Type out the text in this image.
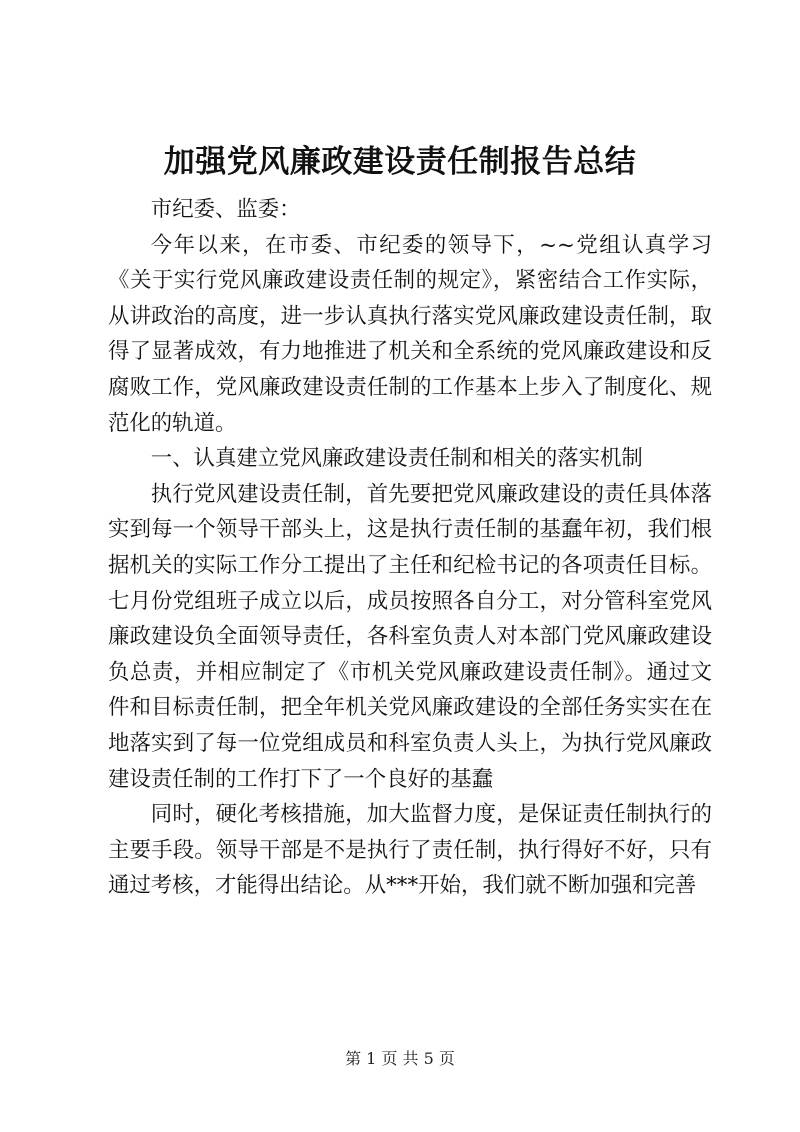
加强党风廉政建设责任制报告总结

市纪委、监委：

今年以来，在市委、市纪委的领导下，~~党组认真学习《关于实行党风廉政建设责任制的规定》，紧密结合工作实际，从讲政治的高度，进一步认真执行落实党风廉政建设责任制，取得了显著成效，有力地推进了机关和全系统的党风廉政建设和反腐败工作，党风廉政建设责任制的工作基本上步入了制度化、规范化的轨道。

一、认真建立党风廉政建设责任制和相关的落实机制

执行党风建设责任制，首先要把党风廉政建设的责任具体落实到每一个领导干部头上，这是执行责任制的基蠢年初，我们根据机关的实际工作分工提出了主任和纪检书记的各项责任目标。七月份党组班子成立以后，成员按照各自分工，对分管科室党风廉政建设负全面领导责任，各科室负责人对本部门党风廉政建设负总责，并相应制定了《市机关党风廉政建设责任制》。通过文件和目标责任制，把全年机关党风廉政建设的全部任务实实在在地落实到了每一位党组成员和科室负责人头上，为执行党风廉政建设责任制的工作打下了一个良好的基蠢

同时，硬化考核措施，加大监督力度，是保证责任制执行的主要手段。领导干部是不是执行了责任制，执行得好不好，只有通过考核，才能得出结论。从***开始，我们就不断加强和完善

第 1 页 共 5 页
